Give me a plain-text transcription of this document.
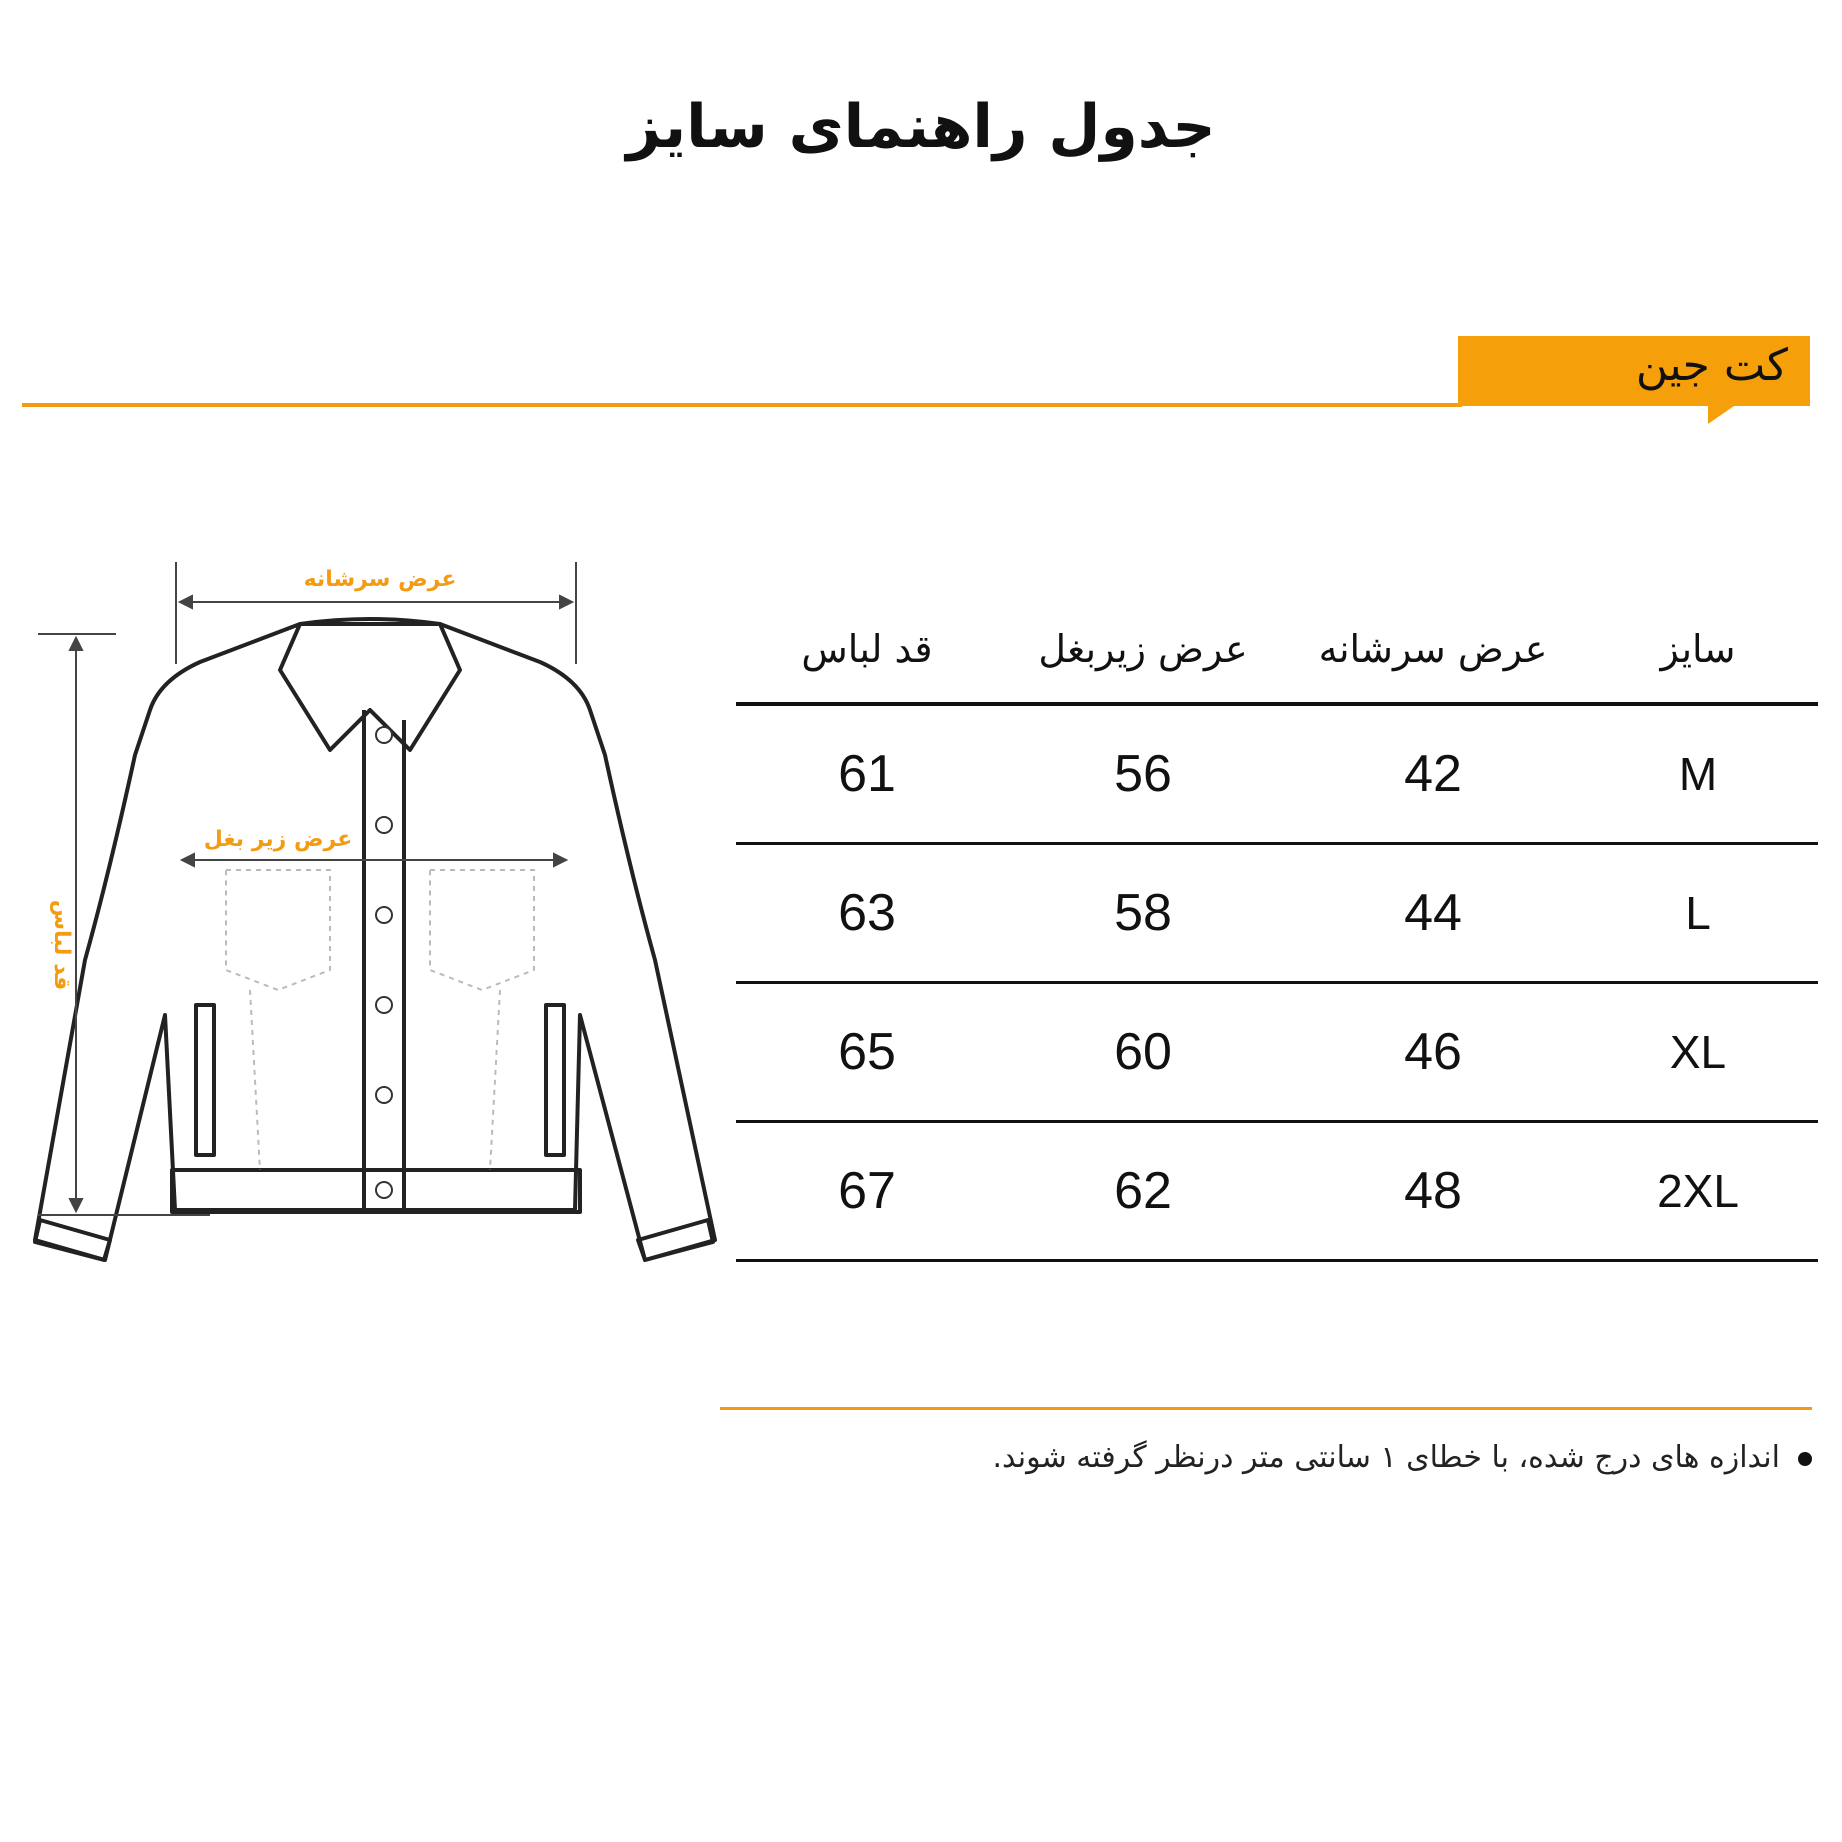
جدول راهنمای سایز
کت جین
عرض سرشانه
عرض زیر بغل
قد لباس
سایز	عرض سرشانه	عرض زیربغل	قد لباس
M	42	56	61
L	44	58	63
XL	46	60	65
2XL	48	62	67
اندازه های درج شده، با خطای ۱ سانتی متر درنظر گرفته شوند.
